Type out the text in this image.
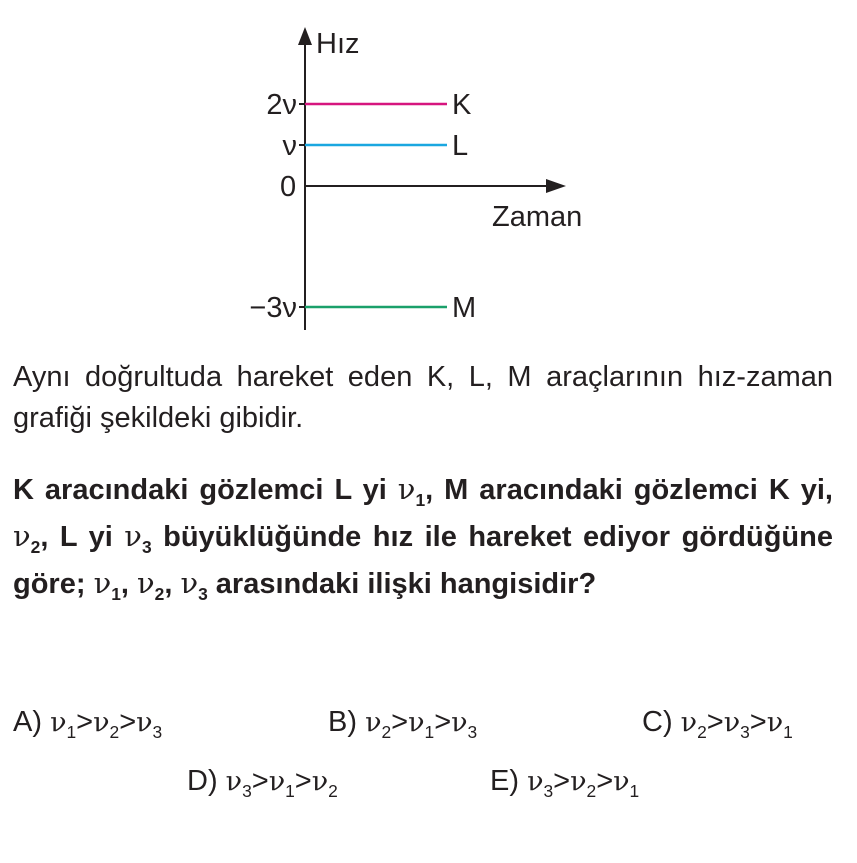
Hız
Zaman
0
2ν	K
ν	L
−3ν	M
Aynı doğrultuda hareket eden K, L, M araçlarının hız-zaman grafiği şekildeki gibidir.
K aracındaki gözlemci L yi $\nu_1$, M aracındaki gözlemci K yi, $\nu_2$, L yi $\nu_3$ büyüklüğünde hız ile hareket ediyor gördüğüne göre; $\nu_1$, $\nu_2$, $\nu_3$ arasındaki ilişki hangisidir?
A) $\nu_1>\nu_2>\nu_3$	B) $\nu_2>\nu_1>\nu_3$	C) $\nu_2>\nu_3>\nu_1$
D) $\nu_3>\nu_1>\nu_2$	E) $\nu_3>\nu_2>\nu_1$
